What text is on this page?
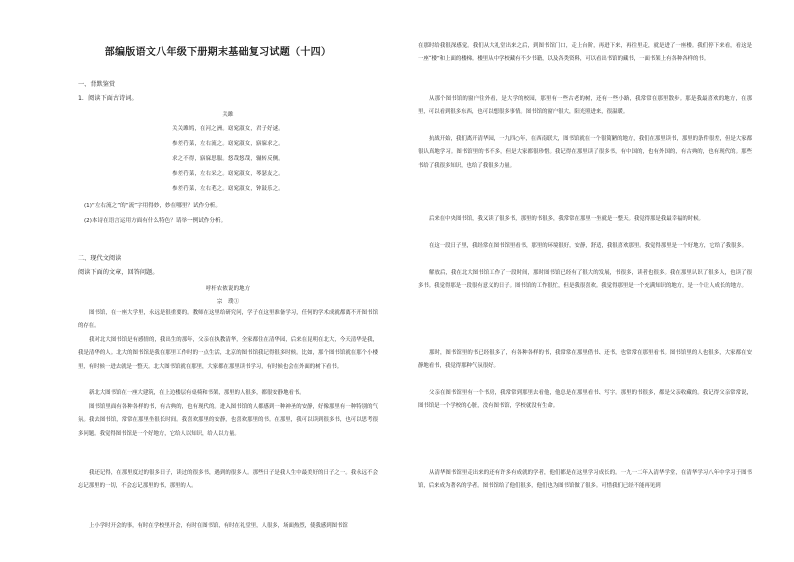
部编版语文八年级下册期末基础复习试题（十四）
一、背默鉴赏
1．阅读下面古诗词。
关雎
关关雎鸠，在河之洲。窈窕淑女，君子好逑。
参差荇菜，左右流之。窈窕淑女，寤寐求之。
求之不得，寤寐思服。悠哉悠哉，辗转反侧。
参差荇菜，左右采之。窈窕淑女，琴瑟友之。
参差荇菜，左右芼之。窈窕淑女，钟鼓乐之。
(1)“左右流之”的“流”字用得妙，妙在哪里？试作分析。
(2)本诗在语言运用方面有什么特色？请举一例试作分析。
二、现代文阅读
阅读下面的文章，回答问题。
呼杆农侬说的地方
宗　璞①
图书馆，在一座大学里，永远是很重要的。教师在这里给研究问，学子在这里准备学习，任何的学术成就都离不开图书馆的存在。
我对北大图书馆是有感情的，我出生的那年，父亲在执教清华，全家都住在清华园，后来在昆明在北大，今天清华是我，我是清华的人。北大的图书馆是我在那里工作时的一点生活，北京的图书馆我记得很多时候。比如，那个图书馆就在那个小楼里，有时候一进去就是一整天。北大图书馆就在那里，大家都在那里读书学习，有时候也会在外面的树下看书。
新北大图书馆在一座大建筑，在上边楼层有桌椅和书架，那里的人很多，都很安静地看书。
图书馆里面有各种各样的书，有古典的，也有现代的。进入图书馆的人都感到一种神圣的安静，好像那里有一种特别的气氛。我去图书馆，常常在那里坐很长时间。我喜欢那里的安静，也喜欢那里的书。在那里，我可以读到很多书，也可以思考很多问题。我觉得图书馆是一个好地方，它给人以知识，给人以力量。
我还记得，在那里度过的很多日子，读过的很多书，遇到的很多人。那些日子是我人生中最美好的日子之一。我永远不会忘记那里的一切，不会忘记那里的书，那里的人。
上小学时开会的事，有时在学校里开会，有时在图书馆，有时在礼堂里，人很多，场面热烈，使我感到图书馆
在那时给我很深感觉。我们从大礼堂出来之后，到图书馆门口，走上台阶，再进下来，再往里走，就是进了一座楼。我们停下来看，看这是一座“楼”和上面的楼梯。楼里从中学校藏有不少书籍，以及各类资料，可以看出书馆的藏书，一面书架上有各种各样的书。
从那个图书馆的窗户往外看，是大学的校园，那里有一些古老的树，还有一些小路，我常常在那里散步。那是我最喜欢的地方，在那里，可以看到很多东西，也可以想很多事情。图书馆的窗户很大，阳光照进来，很温暖。
抗战开始，我们离开清华园，一九四○年，在西南联大，图书馆就在一个很简陋的地方，我们在那里读书，那里的条件很差，但是大家都很认真地学习。图书馆里的书不多，但是大家都很珍惜。我记得在那里读了很多书，有中国的，也有外国的，有古典的，也有现代的。那些书给了我很多知识，也给了我很多力量。
后来在中央图书馆，我又读了很多书，那里的书很多，我常常在那里一坐就是一整天。我觉得那是我最幸福的时候。
在这一段日子里，我经常在图书馆里看书，那里的环境很好，安静，舒适，我很喜欢那里。我觉得那里是一个好地方，它给了我很多。
解放后，我在北大图书馆工作了一段时间，那时图书馆已经有了很大的发展，书很多，读者也很多。我在那里认识了很多人，也读了很多书。我觉得那是一段很有意义的日子。图书馆的工作很忙，但是我很喜欢。我觉得那里是一个充满知识的地方，是一个让人成长的地方。
那时，图书馆里的书已经很多了，有各种各样的书，我常常在那里借书、还书，也常常在那里看书。图书馆里的人也很多，大家都在安静地看书，我觉得那种气氛很好。
父亲在图书馆里有一个书房，我常常到那里去看他，他总是在那里看书、写字。那里的书很多，都是父亲收藏的。我记得父亲常常说，图书馆是一个学校的心脏，没有图书馆，学校就没有生命。
从清华图书馆里走出来的还有许多有成就的学者，他们都是在这里学习成长的。一九一二年入清华学堂，在清华学习八年中学习于图书馆，后来成为著名的学者。图书馆给了他们很多，他们也为图书馆做了很多。可惜我们已经不能再见到
